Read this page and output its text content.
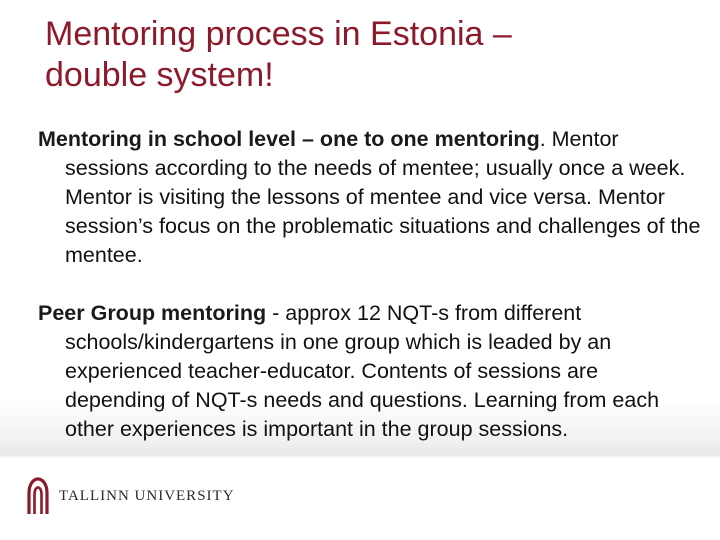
Mentoring process in Estonia –
double system!

Mentoring in school level – one to one mentoring. Mentor sessions according to the needs of mentee; usually once a week. Mentor is visiting the lessons of mentee and vice versa. Mentor session’s focus on the problematic situations and challenges of the mentee.

Peer Group mentoring - approx 12 NQT-s from different schools/kindergartens in one group which is leaded by an experienced teacher-educator. Contents of sessions are depending of NQT-s needs and questions. Learning from each other experiences is important in the group sessions.

TALLINN UNIVERSITY
